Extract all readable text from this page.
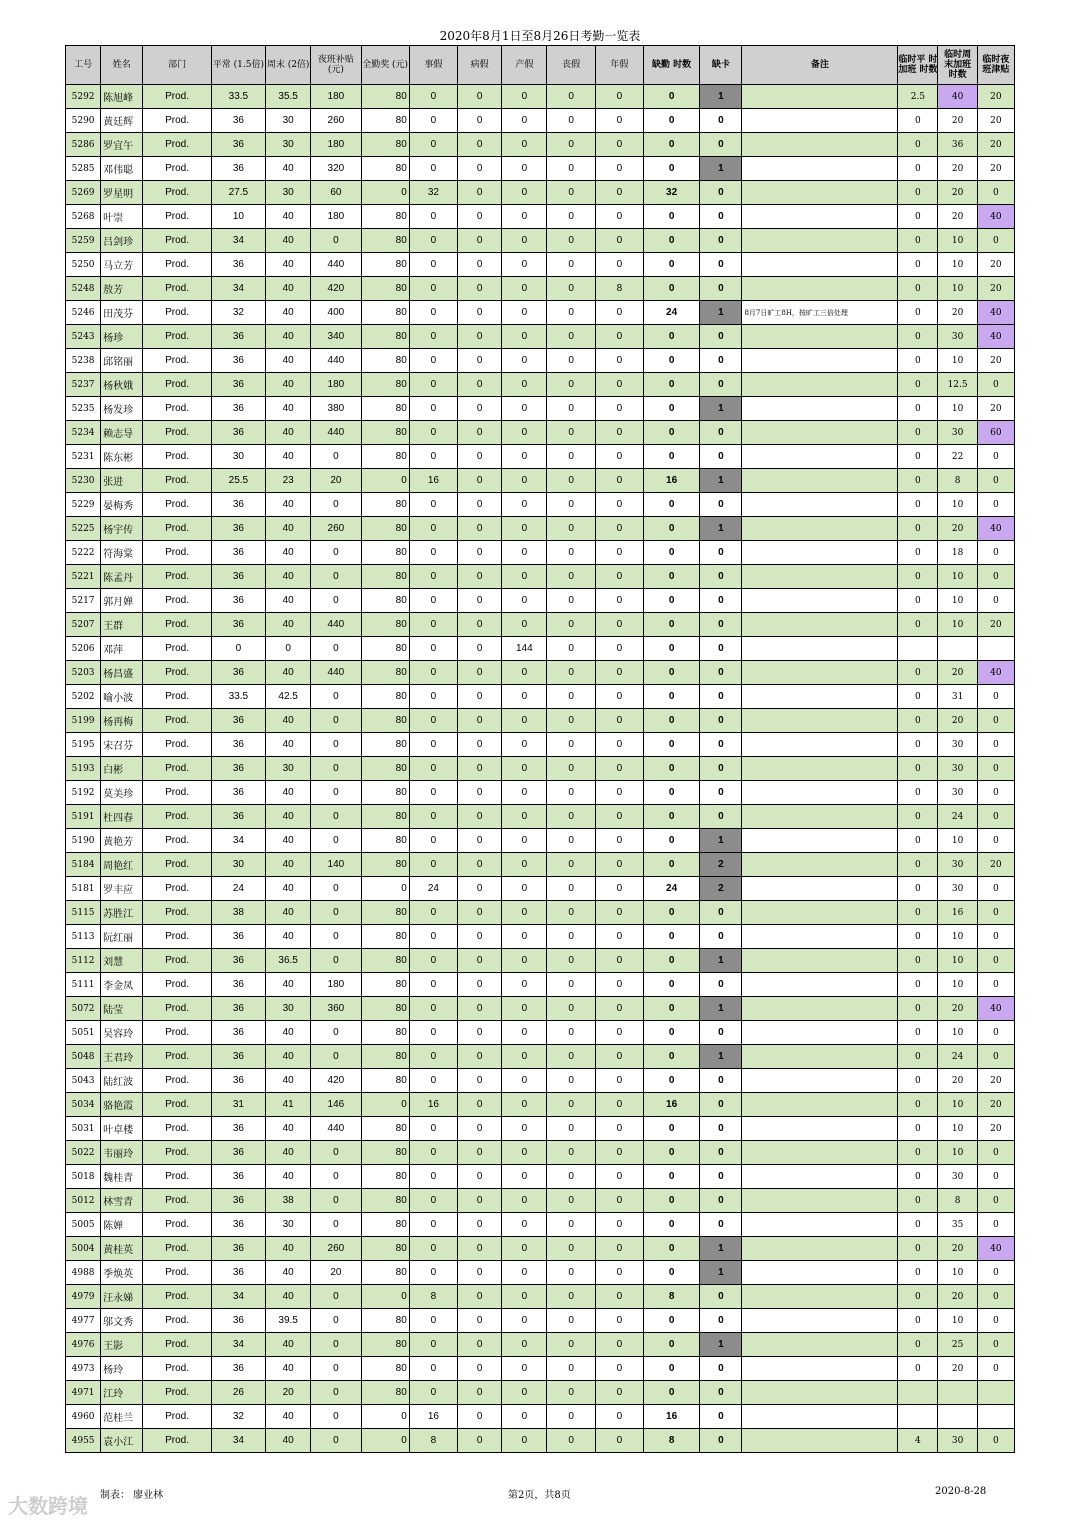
2020年8月1日至8月26日考勤一览表
工号	姓名	部门	平常 (1.5倍)	周末 (2倍)	夜班补贴 (元)	全勤奖 (元)	事假	病假	产假	丧假	年假	缺勤 时数	缺卡	备注	临时平 时加班 时数	临时周 末加班 时数	临时夜 班津贴
5292	陈旭峰	Prod.	33.5	35.5	180	80	0	0	0	0	0	0	1		2.5	40	20
5290	黄廷辉	Prod.	36	30	260	80	0	0	0	0	0	0	0		0	20	20
5286	罗宜午	Prod.	36	30	180	80	0	0	0	0	0	0	0		0	36	20
5285	邓伟聪	Prod.	36	40	320	80	0	0	0	0	0	0	1		0	20	20
5269	罗星明	Prod.	27.5	30	60	0	32	0	0	0	0	32	0		0	20	0
5268	叶崇	Prod.	10	40	180	80	0	0	0	0	0	0	0		0	20	40
5259	吕剑珍	Prod.	34	40	0	80	0	0	0	0	0	0	0		0	10	0
5250	马立芳	Prod.	36	40	440	80	0	0	0	0	0	0	0		0	10	20
5248	敖芳	Prod.	34	40	420	80	0	0	0	0	8	0	0		0	10	20
5246	田茂芬	Prod.	32	40	400	80	0	0	0	0	0	24	1	8月7日旷工8H，按旷工三倍处理	0	20	40
5243	杨珍	Prod.	36	40	340	80	0	0	0	0	0	0	0		0	30	40
5238	邱铭丽	Prod.	36	40	440	80	0	0	0	0	0	0	0		0	10	20
5237	杨秋娥	Prod.	36	40	180	80	0	0	0	0	0	0	0		0	12.5	0
5235	杨发珍	Prod.	36	40	380	80	0	0	0	0	0	0	1		0	10	20
5234	赖志导	Prod.	36	40	440	80	0	0	0	0	0	0	0		0	30	60
5231	陈东彬	Prod.	30	40	0	80	0	0	0	0	0	0	0		0	22	0
5230	张进	Prod.	25.5	23	20	0	16	0	0	0	0	16	1		0	8	0
5229	晏梅秀	Prod.	36	40	0	80	0	0	0	0	0	0	0		0	10	0
5225	杨宇传	Prod.	36	40	260	80	0	0	0	0	0	0	1		0	20	40
5222	符海棠	Prod.	36	40	0	80	0	0	0	0	0	0	0		0	18	0
5221	陈孟丹	Prod.	36	40	0	80	0	0	0	0	0	0	0		0	10	0
5217	郭月婵	Prod.	36	40	0	80	0	0	0	0	0	0	0		0	10	0
5207	王群	Prod.	36	40	440	80	0	0	0	0	0	0	0		0	10	20
5206	邓萍	Prod.	0	0	0	80	0	0	144	0	0	0	0				
5203	杨昌盛	Prod.	36	40	440	80	0	0	0	0	0	0	0		0	20	40
5202	喻小波	Prod.	33.5	42.5	0	80	0	0	0	0	0	0	0		0	31	0
5199	杨再梅	Prod.	36	40	0	80	0	0	0	0	0	0	0		0	20	0
5195	宋召芬	Prod.	36	40	0	80	0	0	0	0	0	0	0		0	30	0
5193	白彬	Prod.	36	30	0	80	0	0	0	0	0	0	0		0	30	0
5192	莫美珍	Prod.	36	40	0	80	0	0	0	0	0	0	0		0	30	0
5191	杜四春	Prod.	36	40	0	80	0	0	0	0	0	0	0		0	24	0
5190	黄艳芳	Prod.	34	40	0	80	0	0	0	0	0	0	1		0	10	0
5184	周艳红	Prod.	30	40	140	80	0	0	0	0	0	0	2		0	30	20
5181	罗丰应	Prod.	24	40	0	0	24	0	0	0	0	24	2		0	30	0
5115	苏胜江	Prod.	38	40	0	80	0	0	0	0	0	0	0		0	16	0
5113	阮红丽	Prod.	36	40	0	80	0	0	0	0	0	0	0		0	10	0
5112	刘慧	Prod.	36	36.5	0	80	0	0	0	0	0	0	1		0	10	0
5111	李金凤	Prod.	36	40	180	80	0	0	0	0	0	0	0		0	10	0
5072	陆莹	Prod.	36	30	360	80	0	0	0	0	0	0	1		0	20	40
5051	吴容玲	Prod.	36	40	0	80	0	0	0	0	0	0	0		0	10	0
5048	王君玲	Prod.	36	40	0	80	0	0	0	0	0	0	1		0	24	0
5043	陆红波	Prod.	36	40	420	80	0	0	0	0	0	0	0		0	20	20
5034	骆艳霞	Prod.	31	41	146	0	16	0	0	0	0	16	0		0	10	20
5031	叶卓楼	Prod.	36	40	440	80	0	0	0	0	0	0	0		0	10	20
5022	韦丽玲	Prod.	36	40	0	80	0	0	0	0	0	0	0		0	10	0
5018	魏桂青	Prod.	36	40	0	80	0	0	0	0	0	0	0		0	30	0
5012	林雪青	Prod.	36	38	0	80	0	0	0	0	0	0	0		0	8	0
5005	陈婵	Prod.	36	30	0	80	0	0	0	0	0	0	0		0	35	0
5004	黄桂英	Prod.	36	40	260	80	0	0	0	0	0	0	1		0	20	40
4988	季焕英	Prod.	36	40	20	80	0	0	0	0	0	0	1		0	10	0
4979	汪永娣	Prod.	34	40	0	0	8	0	0	0	0	8	0		0	20	0
4977	邬文秀	Prod.	36	39.5	0	80	0	0	0	0	0	0	0		0	10	0
4976	王影	Prod.	34	40	0	80	0	0	0	0	0	0	1		0	25	0
4973	杨玲	Prod.	36	40	0	80	0	0	0	0	0	0	0		0	20	0
4971	江玲	Prod.	26	20	0	80	0	0	0	0	0	0	0				
4960	范桂兰	Prod.	32	40	0	0	16	0	0	0	0	16	0				
4955	袁小江	Prod.	34	40	0	0	8	0	0	0	0	8	0		4	30	0
制表： 廖业林	第2页，共8页	2020-8-28
大数跨境
